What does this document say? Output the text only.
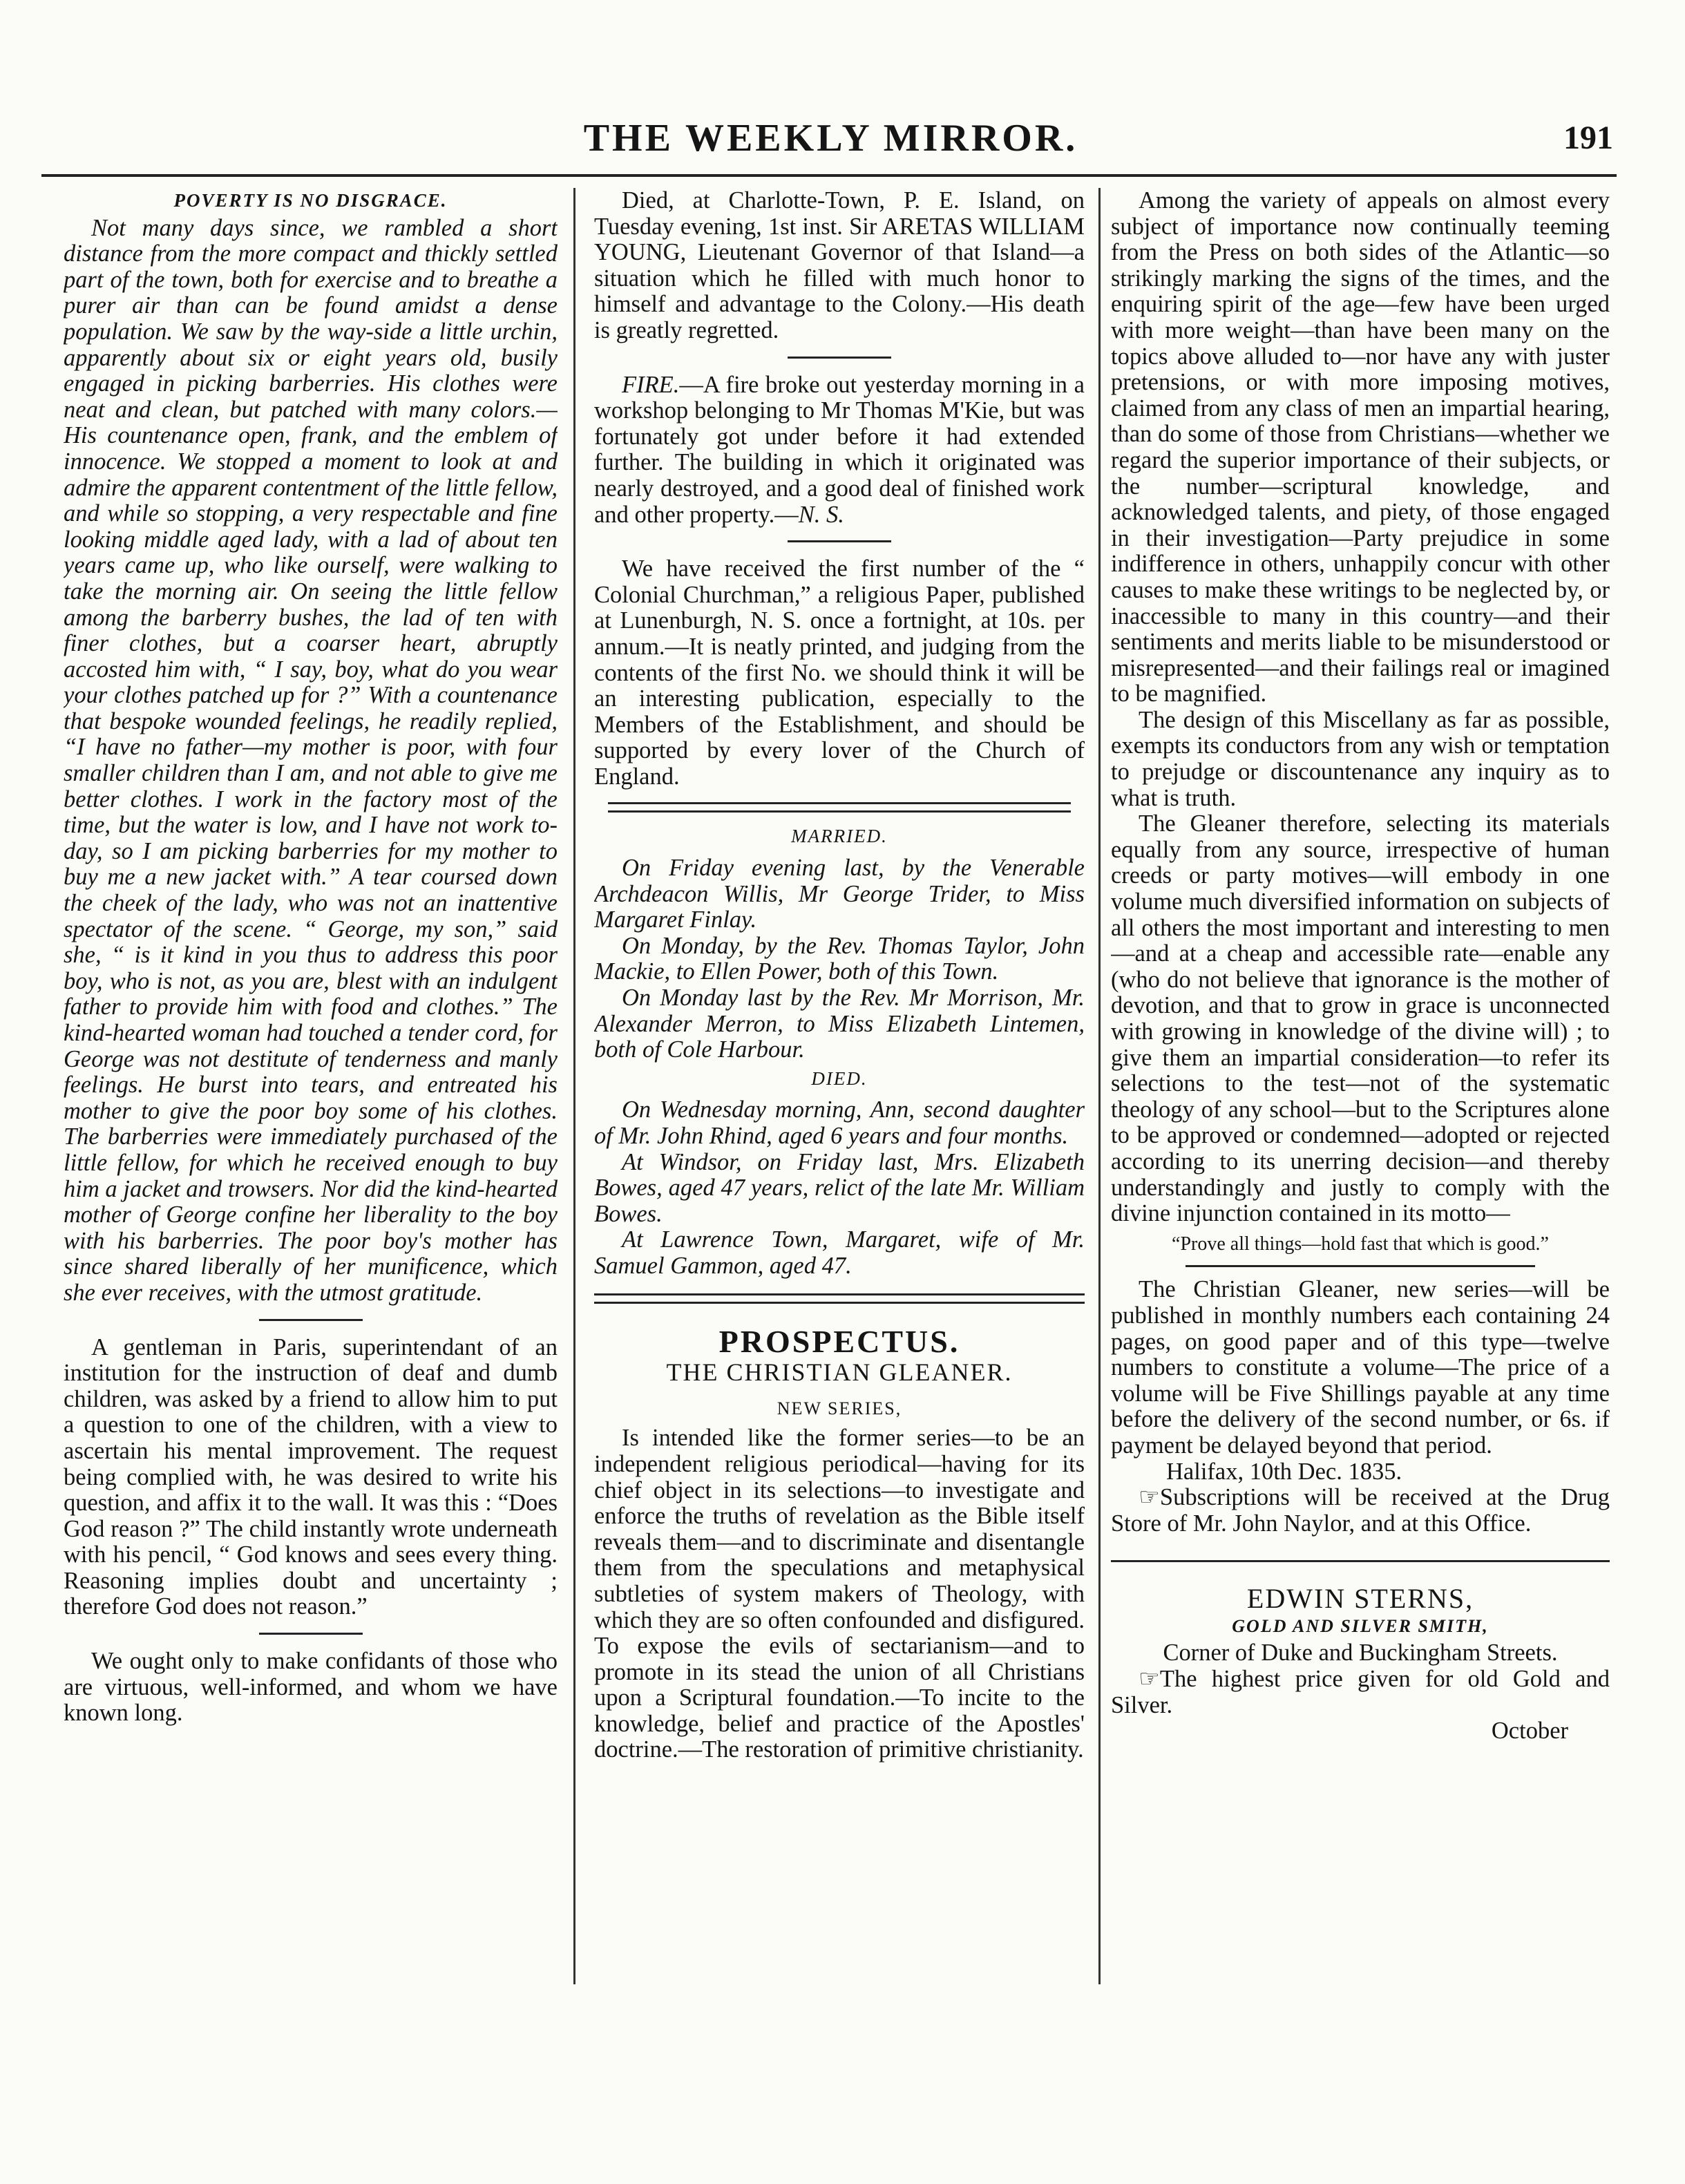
THE WEEKLY MIRROR.	191

POVERTY IS NO DISGRACE.

Not many days since, we rambled a short distance from the more compact and thickly settled part of the town, both for exercise and to breathe a purer air than can be found amidst a dense population. We saw by the way-side a little urchin, apparently about six or eight years old, busily engaged in picking barberries. His clothes were neat and clean, but patched with many colors.—His countenance open, frank, and the emblem of innocence. We stopped a moment to look at and admire the apparent contentment of the little fellow, and while so stopping, a very respectable and fine looking middle aged lady, with a lad of about ten years came up, who like ourself, were walking to take the morning air. On seeing the little fellow among the barberry bushes, the lad of ten with finer clothes, but a coarser heart, abruptly accosted him with, “ I say, boy, what do you wear your clothes patched up for ?” With a countenance that bespoke wounded feelings, he readily replied, “I have no father—my mother is poor, with four smaller children than I am, and not able to give me better clothes. I work in the factory most of the time, but the water is low, and I have not work to-day, so I am picking barberries for my mother to buy me a new jacket with.” A tear coursed down the cheek of the lady, who was not an inattentive spectator of the scene. “ George, my son,” said she, “ is it kind in you thus to address this poor boy, who is not, as you are, blest with an indulgent father to provide him with food and clothes.” The kind-hearted woman had touched a tender cord, for George was not destitute of tenderness and manly feelings. He burst into tears, and entreated his mother to give the poor boy some of his clothes. The barberries were immediately purchased of the little fellow, for which he received enough to buy him a jacket and trowsers. Nor did the kind-hearted mother of George confine her liberality to the boy with his barberries. The poor boy's mother has since shared liberally of her munificence, which she ever receives, with the utmost gratitude.

A gentleman in Paris, superintendant of an institution for the instruction of deaf and dumb children, was asked by a friend to allow him to put a question to one of the children, with a view to ascertain his mental improvement. The request being complied with, he was desired to write his question, and affix it to the wall. It was this : “Does God reason ?” The child instantly wrote underneath with his pencil, “ God knows and sees every thing. Reasoning implies doubt and uncertainty ; therefore God does not reason.”

We ought only to make confidants of those who are virtuous, well-informed, and whom we have known long.

Died, at Charlotte-Town, P. E. Island, on Tuesday evening, 1st inst. Sir ARETAS WILLIAM YOUNG, Lieutenant Governor of that Island—a situation which he filled with much honor to himself and advantage to the Colony.—His death is greatly regretted.

FIRE.—A fire broke out yesterday morning in a workshop belonging to Mr Thomas M'Kie, but was fortunately got under before it had extended further. The building in which it originated was nearly destroyed, and a good deal of finished work and other property.—N. S.

We have received the first number of the “ Colonial Churchman,” a religious Paper, published at Lunenburgh, N. S. once a fortnight, at 10s. per annum.—It is neatly printed, and judging from the contents of the first No. we should think it will be an interesting publication, especially to the Members of the Establishment, and should be supported by every lover of the Church of England.

MARRIED.

On Friday evening last, by the Venerable Archdeacon Willis, Mr George Trider, to Miss Margaret Finlay.

On Monday, by the Rev. Thomas Taylor, John Mackie, to Ellen Power, both of this Town.

On Monday last by the Rev. Mr Morrison, Mr. Alexander Merron, to Miss Elizabeth Lintemen, both of Cole Harbour.

DIED.

On Wednesday morning, Ann, second daughter of Mr. John Rhind, aged 6 years and four months.

At Windsor, on Friday last, Mrs. Elizabeth Bowes, aged 47 years, relict of the late Mr. William Bowes.

At Lawrence Town, Margaret, wife of Mr. Samuel Gammon, aged 47.

PROSPECTUS.

THE CHRISTIAN GLEANER.

NEW SERIES,

Is intended like the former series—to be an independent religious periodical—having for its chief object in its selections—to investigate and enforce the truths of revelation as the Bible itself reveals them—and to discriminate and disentangle them from the speculations and metaphysical subtleties of system makers of Theology, with which they are so often confounded and disfigured. To expose the evils of sectarianism—and to promote in its stead the union of all Christians upon a Scriptural foundation.—To incite to the knowledge, belief and practice of the Apostles' doctrine.—The restoration of primitive christianity.

Among the variety of appeals on almost every subject of importance now continually teeming from the Press on both sides of the Atlantic—so strikingly marking the signs of the times, and the enquiring spirit of the age—few have been urged with more weight—than have been many on the topics above alluded to—nor have any with juster pretensions, or with more imposing motives, claimed from any class of men an impartial hearing, than do some of those from Christians—whether we regard the superior importance of their subjects, or the number—scriptural knowledge, and acknowledged talents, and piety, of those engaged in their investigation—Party prejudice in some indifference in others, unhappily concur with other causes to make these writings to be neglected by, or inaccessible to many in this country—and their sentiments and merits liable to be misunderstood or misrepresented—and their failings real or imagined to be magnified.

The design of this Miscellany as far as possible, exempts its conductors from any wish or temptation to prejudge or discountenance any inquiry as to what is truth.

The Gleaner therefore, selecting its materials equally from any source, irrespective of human creeds or party motives—will embody in one volume much diversified information on subjects of all others the most important and interesting to men—and at a cheap and accessible rate—enable any (who do not believe that ignorance is the mother of devotion, and that to grow in grace is unconnected with growing in knowledge of the divine will) ; to give them an impartial consideration—to refer its selections to the test—not of the systematic theology of any school—but to the Scriptures alone to be approved or condemned—adopted or rejected according to its unerring decision—and thereby understandingly and justly to comply with the divine injunction contained in its motto—

“Prove all things—hold fast that which is good.”

The Christian Gleaner, new series—will be published in monthly numbers each containing 24 pages, on good paper and of this type—twelve numbers to constitute a volume—The price of a volume will be Five Shillings payable at any time before the delivery of the second number, or 6s. if payment be delayed beyond that period.

Halifax, 10th Dec. 1835.

☞Subscriptions will be received at the Drug Store of Mr. John Naylor, and at this Office.

EDWIN STERNS,

GOLD AND SILVER SMITH,

Corner of Duke and Buckingham Streets.

☞The highest price given for old Gold and Silver.

October
